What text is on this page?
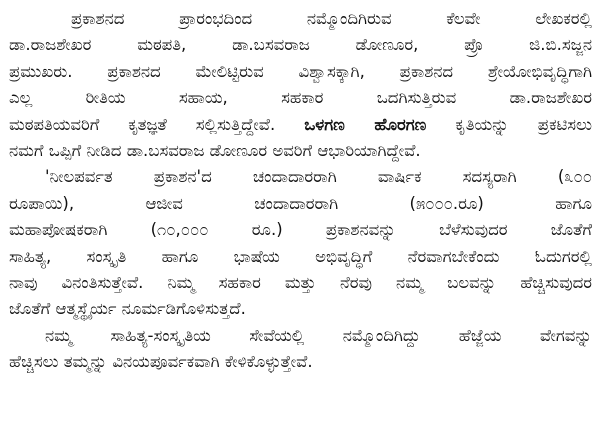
ಪ್ರಕಾಶನದ ಪ್ರಾರಂಭದಿಂದ ನಮ್ಮೊಂದಿಗಿರುವ ಕೆಲವೇ ಲೇಖಕರಲ್ಲಿ
ಡಾ.ರಾಜಶೇಖರ ಮಠಪತಿ, ಡಾ.ಬಸವರಾಜ ಡೋಣೂರ, ಪ್ರೊ ಜಿ.ಬಿ.ಸಜ್ಜನ
ಪ್ರಮುಖರು. ಪ್ರಕಾಶನದ ಮೇಲಿಟ್ಟಿರುವ ವಿಶ್ವಾಸಕ್ಕಾಗಿ, ಪ್ರಕಾಶನದ ಶ್ರೇಯೋಭಿವೃದ್ಧಿಗಾಗಿ
ಎಲ್ಲ ರೀತಿಯ ಸಹಾಯ, ಸಹಕಾರ ಒದಗಿಸುತ್ತಿರುವ ಡಾ.ರಾಜಶೇಖರ
ಮಠಪತಿಯವರಿಗೆ ಕೃತಜ್ಞತೆ ಸಲ್ಲಿಸುತ್ತಿದ್ದೇವೆ. ಒಳಗಣ ಹೊರಗಣ ಕೃತಿಯನ್ನು ಪ್ರಕಟಿಸಲು
ನಮಗೆ ಒಪ್ಪಿಗೆ ನೀಡಿದ ಡಾ.ಬಸವರಾಜ ಡೋಣೂರ ಅವರಿಗೆ ಆಭಾರಿಯಾಗಿದ್ದೇವೆ.
'ನೀಲಪರ್ವತ ಪ್ರಕಾಶನ'ದ ಚಂದಾದಾರರಾಗಿ ವಾರ್ಷಿಕ ಸದಸ್ಯರಾಗಿ (೩೦೦
ರೂಪಾಯಿ), ಆಜೀವ ಚಂದಾದಾರರಾಗಿ (೫೦೦೦.ರೂ) ಹಾಗೂ
ಮಹಾಪೋಷಕರಾಗಿ (೧೦,೦೦೦ ರೂ.) ಪ್ರಕಾಶನವನ್ನು ಬೆಳೆಸುವುದರ ಜೊತೆಗೆ
ಸಾಹಿತ್ಯ, ಸಂಸ್ಕೃತಿ ಹಾಗೂ ಭಾಷೆಯ ಅಭಿವೃದ್ಧಿಗೆ ನೆರವಾಗಬೇಕೆಂದು ಓದುಗರಲ್ಲಿ
ನಾವು ವಿನಂತಿಸುತ್ತೇವೆ. ನಿಮ್ಮ ಸಹಕಾರ ಮತ್ತು ನೆರವು ನಮ್ಮ ಬಲವನ್ನು ಹೆಚ್ಚಿಸುವುದರ
ಜೊತೆಗೆ ಆತ್ಮಸ್ಥೈರ್ಯ ನೂರ್ಮಡಿಗೊಳಿಸುತ್ತದೆ.
ನಮ್ಮ ಸಾಹಿತ್ಯ-ಸಂಸ್ಕೃತಿಯ ಸೇವೆಯಲ್ಲಿ ನಮ್ಮೊಂದಿಗಿದ್ದು ಹೆಜ್ಜೆಯ ವೇಗವನ್ನು
ಹೆಚ್ಚಿಸಲು ತಮ್ಮನ್ನು ವಿನಯಪೂರ್ವಕವಾಗಿ ಕೇಳಿಕೊಳ್ಳುತ್ತೇವೆ.
